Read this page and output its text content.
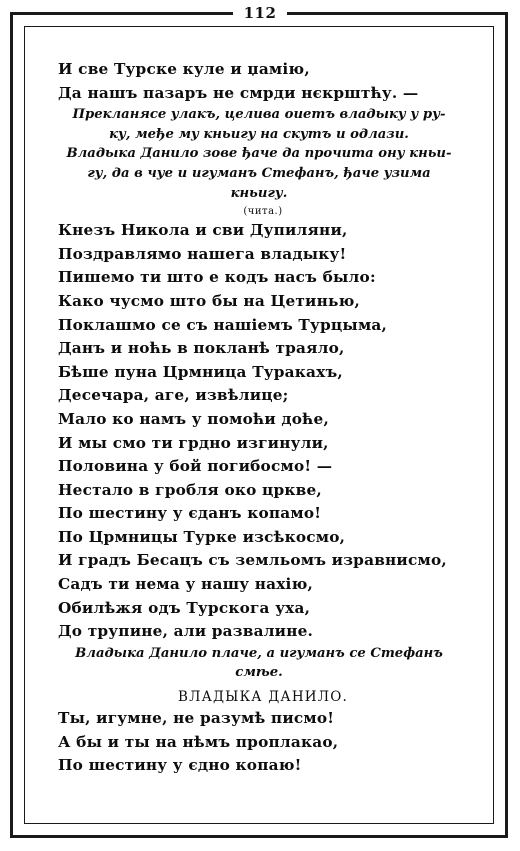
112
И све Турске куле и џамію,
Да нашъ пазаръ не смрди нєкрштћу. —
Прекланясе улакъ, целива оиетъ владыку у ру-
ку, међе му кньигу на скутъ и одлази.
Владыка Данило зове ђаче да прочита ону кньи-
гу, да в чуе и игуманъ Стефанъ, ђаче узима
кньигу.
(чита.)
Кнезъ Никола и сви Дупиляни,
Поздравлямо нашега владыку!
Пишемо ти што е кодъ насъ было:
Како чусмо што бы на Цетинью,
Поклашмо се съ нашіемъ Турцыма,
Данъ и ноћь в покланѣ траяло,
Бѣше пуна Црмница Туракахъ,
Десечара, аге, извѣлице;
Мало ко намъ у помоћи доће,
И мы смо ти грдно изгинули,
Половина у бой погибосмо! —
Нестало в гробля око цркве,
По шестину у єданъ копамо!
По Црмницы Турке изсѣкосмо,
И градъ Бесацъ съ земльомъ изравнисмо,
Садъ ти нема у нашу нахію,
Обилѣжя одъ Турскога уха,
До трупине, али развалине.
Владыка Данило плаче, а игуманъ се Стефанъ
смѣе.
ВЛАДЫКА ДАНИЛО.
Ты, игумне, не разумѣ писмо!
А бы и ты на нѣмъ проплакао,
По шестину у єдно копаю!
